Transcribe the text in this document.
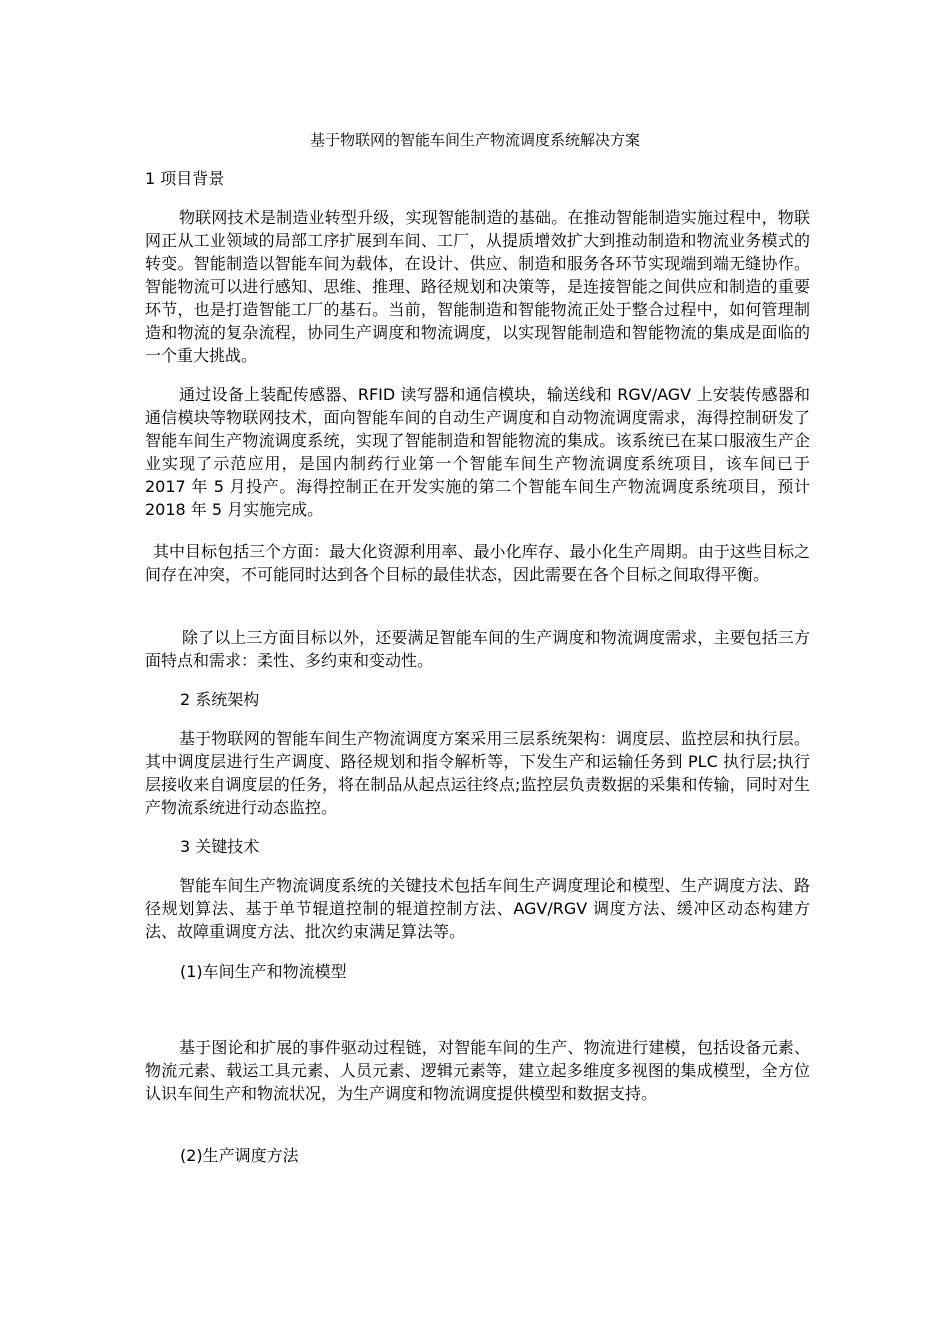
基于物联网的智能车间生产物流调度系统解决方案
1 项目背景

物联网技术是制造业转型升级，实现智能制造的基础。在推动智能制造实施过程中，物联网正从工业领域的局部工序扩展到车间、工厂，从提质增效扩大到推动制造和物流业务模式的转变。智能制造以智能车间为载体，在设计、供应、制造和服务各环节实现端到端无缝协作。智能物流可以进行感知、思维、推理、路径规划和决策等，是连接智能之间供应和制造的重要环节，也是打造智能工厂的基石。当前，智能制造和智能物流正处于整合过程中，如何管理制造和物流的复杂流程，协同生产调度和物流调度，以实现智能制造和智能物流的集成是面临的一个重大挑战。

通过设备上装配传感器、RFID 读写器和通信模块，输送线和 RGV/AGV 上安装传感器和通信模块等物联网技术，面向智能车间的自动生产调度和自动物流调度需求，海得控制研发了智能车间生产物流调度系统，实现了智能制造和智能物流的集成。该系统已在某口服液生产企业实现了示范应用，是国内制药行业第一个智能车间生产物流调度系统项目，该车间已于 2017 年 5 月投产。海得控制正在开发实施的第二个智能车间生产物流调度系统项目，预计 2018 年 5 月实施完成。

其中目标包括三个方面：最大化资源利用率、最小化库存、最小化生产周期。由于这些目标之间存在冲突，不可能同时达到各个目标的最佳状态，因此需要在各个目标之间取得平衡。

除了以上三方面目标以外，还要满足智能车间的生产调度和物流调度需求，主要包括三方面特点和需求：柔性、多约束和变动性。

2 系统架构

基于物联网的智能车间生产物流调度方案采用三层系统架构：调度层、监控层和执行层。其中调度层进行生产调度、路径规划和指令解析等，下发生产和运输任务到 PLC 执行层;执行层接收来自调度层的任务，将在制品从起点运往终点;监控层负责数据的采集和传输，同时对生产物流系统进行动态监控。

3 关键技术

智能车间生产物流调度系统的关键技术包括车间生产调度理论和模型、生产调度方法、路径规划算法、基于单节辊道控制的辊道控制方法、AGV/RGV 调度方法、缓冲区动态构建方法、故障重调度方法、批次约束满足算法等。

(1)车间生产和物流模型

基于图论和扩展的事件驱动过程链，对智能车间的生产、物流进行建模，包括设备元素、物流元素、载运工具元素、人员元素、逻辑元素等，建立起多维度多视图的集成模型，全方位认识车间生产和物流状况，为生产调度和物流调度提供模型和数据支持。

(2)生产调度方法
